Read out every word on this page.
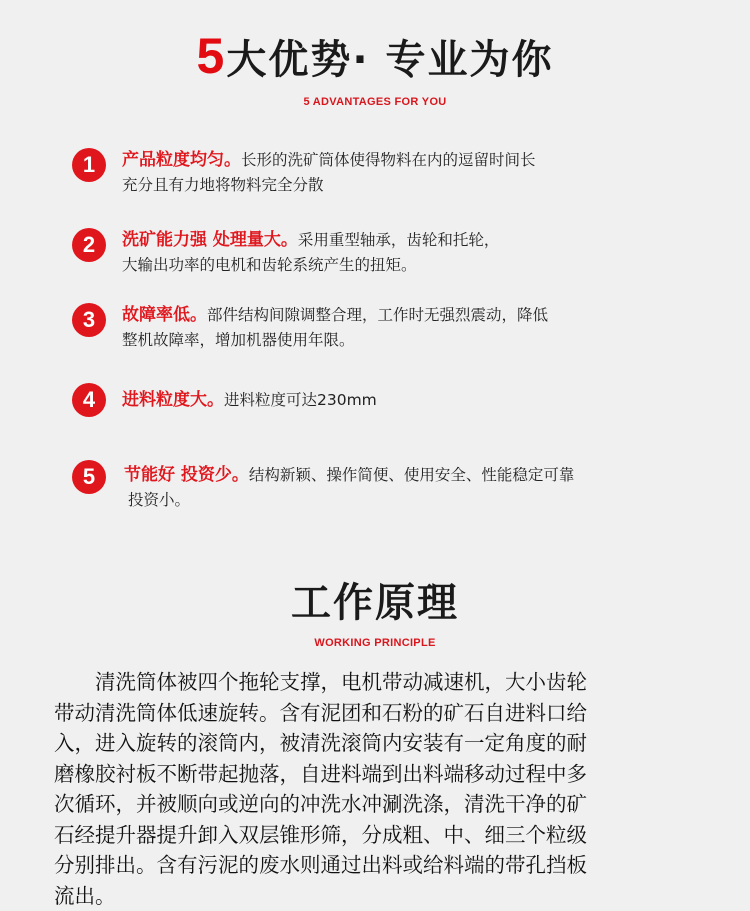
5大优势· 专业为你
5 ADVANTAGES FOR YOU
1	产品粒度均匀。长形的洗矿筒体使得物料在内的逗留时间长
充分且有力地将物料完全分散
2	洗矿能力强 处理量大。采用重型轴承，齿轮和托轮，
大输出功率的电机和齿轮系统产生的扭矩。
3	故障率低。部件结构间隙调整合理，工作时无强烈震动，降低
整机故障率，增加机器使用年限。
4	进料粒度大。进料粒度可达230mm
5	节能好 投资少。结构新颖、操作简便、使用安全、性能稳定可靠
投资小。
工作原理
WORKING PRINCIPLE
　　清洗筒体被四个拖轮支撑，电机带动减速机，大小齿轮
带动清洗筒体低速旋转。含有泥团和石粉的矿石自进料口给
入，进入旋转的滚筒内，被清洗滚筒内安装有一定角度的耐
磨橡胶衬板不断带起抛落，自进料端到出料端移动过程中多
次循环，并被顺向或逆向的冲洗水冲涮洗涤，清洗干净的矿
石经提升器提升卸入双层锥形筛，分成粗、中、细三个粒级
分别排出。含有污泥的废水则通过出料或给料端的带孔挡板
流出。
